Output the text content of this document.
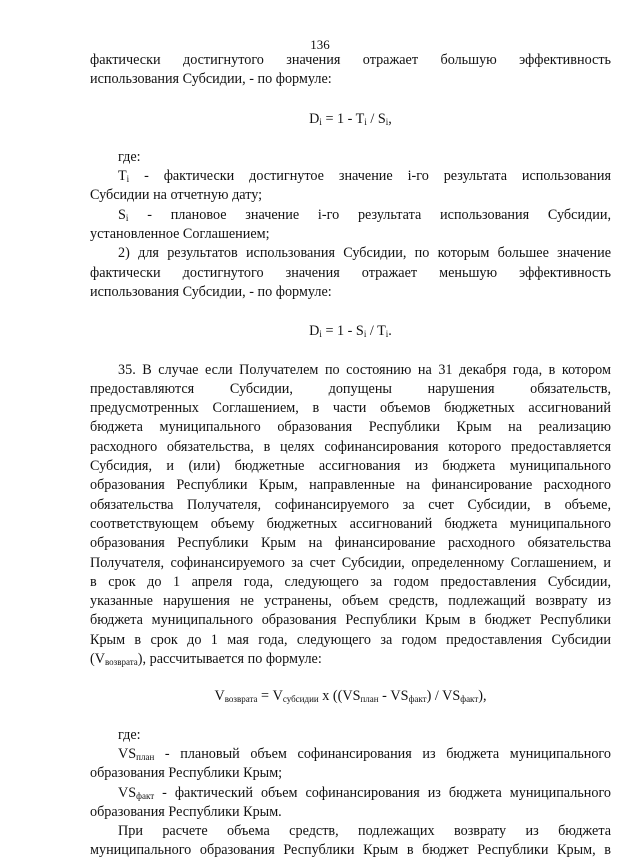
136
фактически достигнутого значения отражает большую эффективность
использования Субсидии, - по формуле:
$D_i = 1 - T_i / S_i$,
где:
$T_i$ - фактически достигнутое значение i-го результата использования
Субсидии на отчетную дату;
$S_i$ - плановое значение i-го результата использования Субсидии,
установленное Соглашением;
2) для результатов использования Субсидии, по которым большее значение
фактически достигнутого значения отражает меньшую эффективность
использования Субсидии, - по формуле:
$D_i = 1 - S_i / T_i$.
35. В случае если Получателем по состоянию на 31 декабря года, в котором
предоставляются Субсидии, допущены нарушения обязательств,
предусмотренных Соглашением, в части объемов бюджетных ассигнований
бюджета муниципального образования Республики Крым на реализацию
расходного обязательства, в целях софинансирования которого предоставляется
Субсидия, и (или) бюджетные ассигнования из бюджета муниципального
образования Республики Крым, направленные на финансирование расходного
обязательства Получателя, софинансируемого за счет Субсидии, в объеме,
соответствующем объему бюджетных ассигнований бюджета муниципального
образования Республики Крым на финансирование расходного обязательства
Получателя, софинансируемого за счет Субсидии, определенному Соглашением, и
в срок до 1 апреля года, следующего за годом предоставления Субсидии,
указанные нарушения не устранены, объем средств, подлежащий возврату из
бюджета муниципального образования Республики Крым в бюджет Республики
Крым в срок до 1 мая года, следующего за годом предоставления Субсидии
$(V_{возврата})$, рассчитывается по формуле:
$V_{возврата} = V_{субсидии}$ x $((VS_{план} - VS_{факт}) / VS_{факт})$,
где:
$VS_{план}$ - плановый объем софинансирования из бюджета муниципального
образования Республики Крым;
$VS_{факт}$ - фактический объем софинансирования из бюджета муниципального
образования Республики Крым.
При расчете объема средств, подлежащих возврату из бюджета
муниципального образования Республики Крым в бюджет Республики Крым, в
